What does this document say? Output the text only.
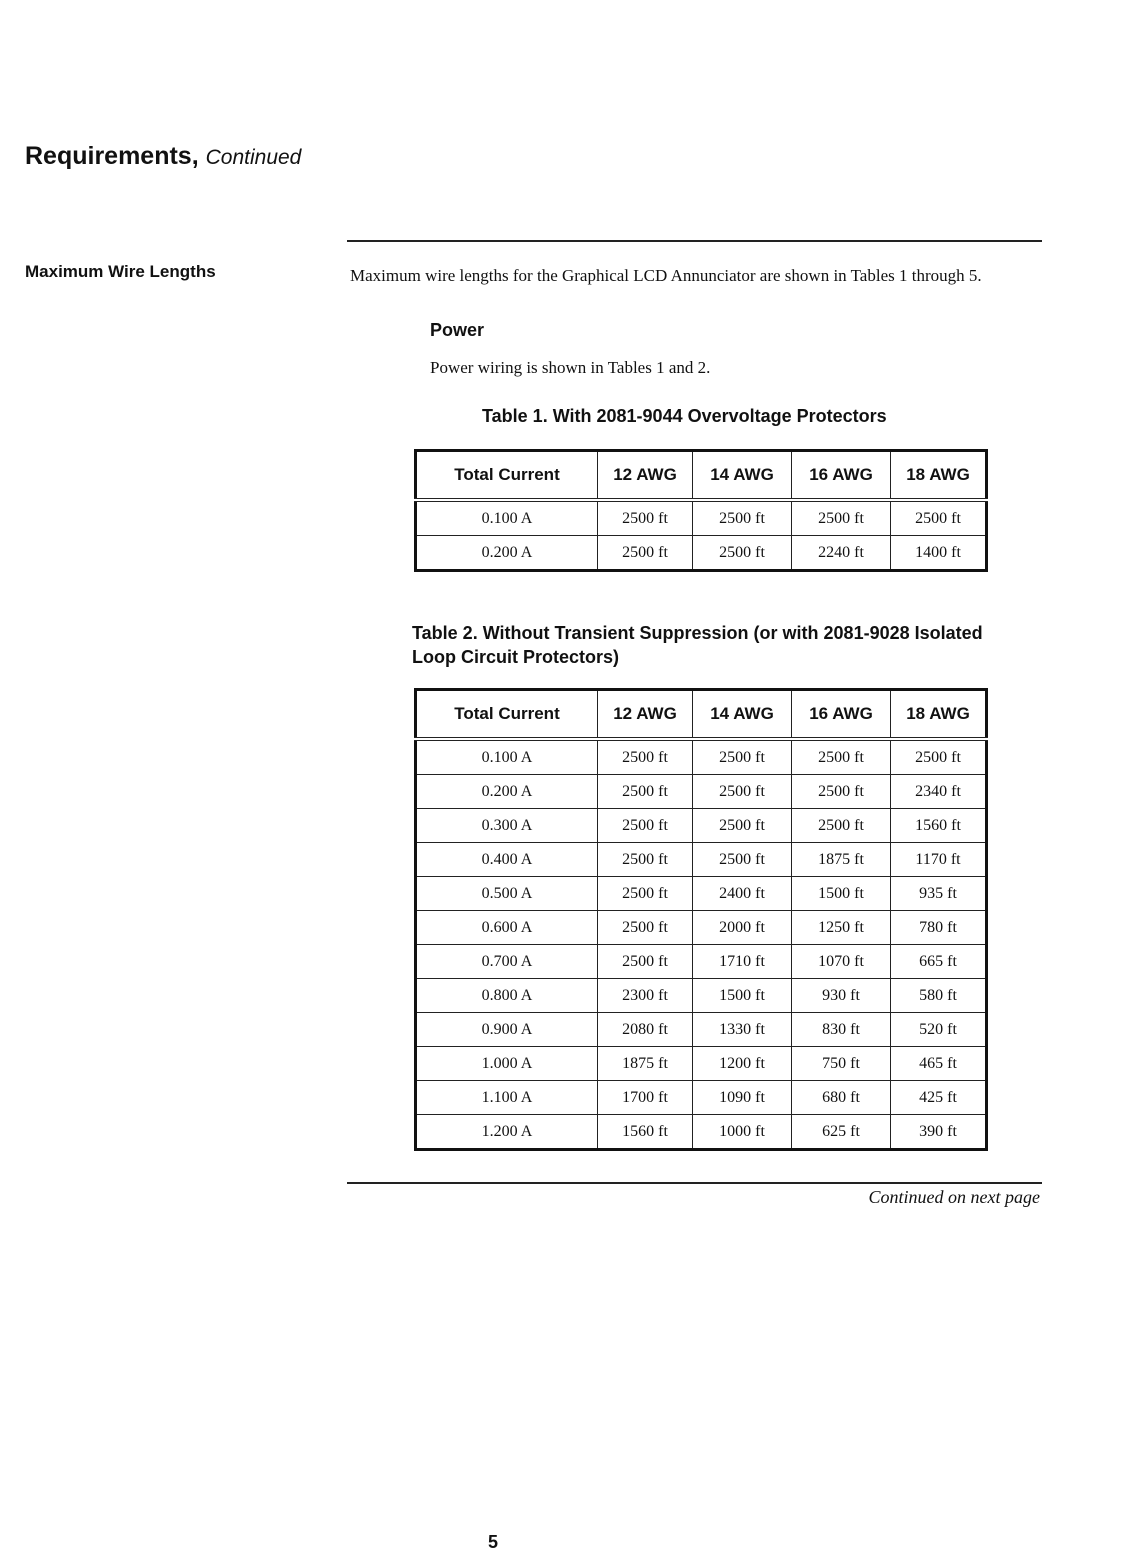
Requirements, Continued
Maximum Wire Lengths	Maximum wire lengths for the Graphical LCD Annunciator are shown in Tables 1 through 5.
Power
Power wiring is shown in Tables 1 and 2.
Table 1. With 2081-9044 Overvoltage Protectors
Total Current	12 AWG	14 AWG	16 AWG	18 AWG
0.100 A	2500 ft	2500 ft	2500 ft	2500 ft
0.200 A	2500 ft	2500 ft	2240 ft	1400 ft
Table 2. Without Transient Suppression (or with 2081-9028 Isolated Loop Circuit Protectors)
Total Current	12 AWG	14 AWG	16 AWG	18 AWG
0.100 A	2500 ft	2500 ft	2500 ft	2500 ft
0.200 A	2500 ft	2500 ft	2500 ft	2340 ft
0.300 A	2500 ft	2500 ft	2500 ft	1560 ft
0.400 A	2500 ft	2500 ft	1875 ft	1170 ft
0.500 A	2500 ft	2400 ft	1500 ft	935 ft
0.600 A	2500 ft	2000 ft	1250 ft	780 ft
0.700 A	2500 ft	1710 ft	1070 ft	665 ft
0.800 A	2300 ft	1500 ft	930 ft	580 ft
0.900 A	2080 ft	1330 ft	830 ft	520 ft
1.000 A	1875 ft	1200 ft	750 ft	465 ft
1.100 A	1700 ft	1090 ft	680 ft	425 ft
1.200 A	1560 ft	1000 ft	625 ft	390 ft
Continued on next page
5
